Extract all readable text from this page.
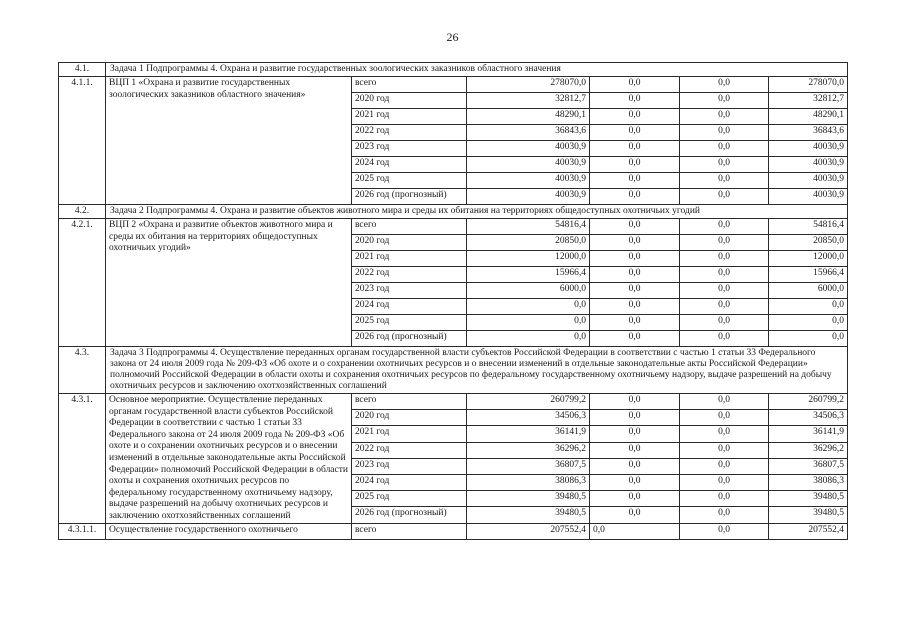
26
4.1.	Задача 1 Подпрограммы 4. Охрана и развитие государственных зоологических заказников областного значения					
4.1.1.	ВЦП 1 «Охрана и развитие государственных зоологических заказников областного значения»	всего	278070,0	0,0	0,0	278070,0
		2020 год	32812,7	0,0	0,0	32812,7
		2021 год	48290,1	0,0	0,0	48290,1
		2022 год	36843,6	0,0	0,0	36843,6
		2023 год	40030,9	0,0	0,0	40030,9
		2024 год	40030,9	0,0	0,0	40030,9
		2025 год	40030,9	0,0	0,0	40030,9
		2026 год (прогнозный)	40030,9	0,0	0,0	40030,9
4.2.	Задача 2 Подпрограммы 4. Охрана и развитие объектов животного мира и среды их обитания на территориях общедоступных охотничьих угодий					
4.2.1.	ВЦП 2 «Охрана и развитие объектов животного мира и среды их обитания на территориях общедоступных охотничьих угодий»	всего	54816,4	0,0	0,0	54816,4
		2020 год	20850,0	0,0	0,0	20850,0
		2021 год	12000,0	0,0	0,0	12000,0
		2022 год	15966,4	0,0	0,0	15966,4
		2023 год	6000,0	0,0	0,0	6000,0
		2024 год	0,0	0,0	0,0	0,0
		2025 год	0,0	0,0	0,0	0,0
		2026 год (прогнозный)	0,0	0,0	0,0	0,0
4.3.	Задача 3 Подпрограммы 4. Осуществление переданных органам государственной власти субъектов Российской Федерации в соответствии с частью 1 статьи 33 Федерального закона от 24 июля 2009 года № 209-ФЗ «Об охоте и о сохранении охотничьих ресурсов и о внесении изменений в отдельные законодательные акты Российской Федерации» полномочий Российской Федерации в области охоты и сохранения охотничьих ресурсов по федеральному государственному охотничьему надзору, выдаче разрешений на добычу охотничьих ресурсов и заключению охотхозяйственных соглашений					
4.3.1.	Основное мероприятие. Осуществление переданных органам государственной власти субъектов Российской Федерации в соответствии с частью 1 статьи 33 Федерального закона от 24 июля 2009 года № 209-ФЗ «Об охоте и о сохранении охотничьих ресурсов и о внесении изменений в отдельные законодательные акты Российской Федерации» полномочий Российской Федерации в области охоты и сохранения охотничьих ресурсов по федеральному государственному охотничьему надзору, выдаче разрешений на добычу охотничьих ресурсов и заключению охотхозяйственных соглашений	всего	260799,2	0,0	0,0	260799,2
		2020 год	34506,3	0,0	0,0	34506,3
		2021 год	36141,9	0,0	0,0	36141,9
		2022 год	36296,2	0,0	0,0	36296,2
		2023 год	36807,5	0,0	0,0	36807,5
		2024 год	38086,3	0,0	0,0	38086,3
		2025 год	39480,5	0,0	0,0	39480,5
		2026 год (прогнозный)	39480,5	0,0	0,0	39480,5
4.3.1.1.	Осуществление государственного охотничьего	всего	207552,4	0,0	0,0	207552,4
